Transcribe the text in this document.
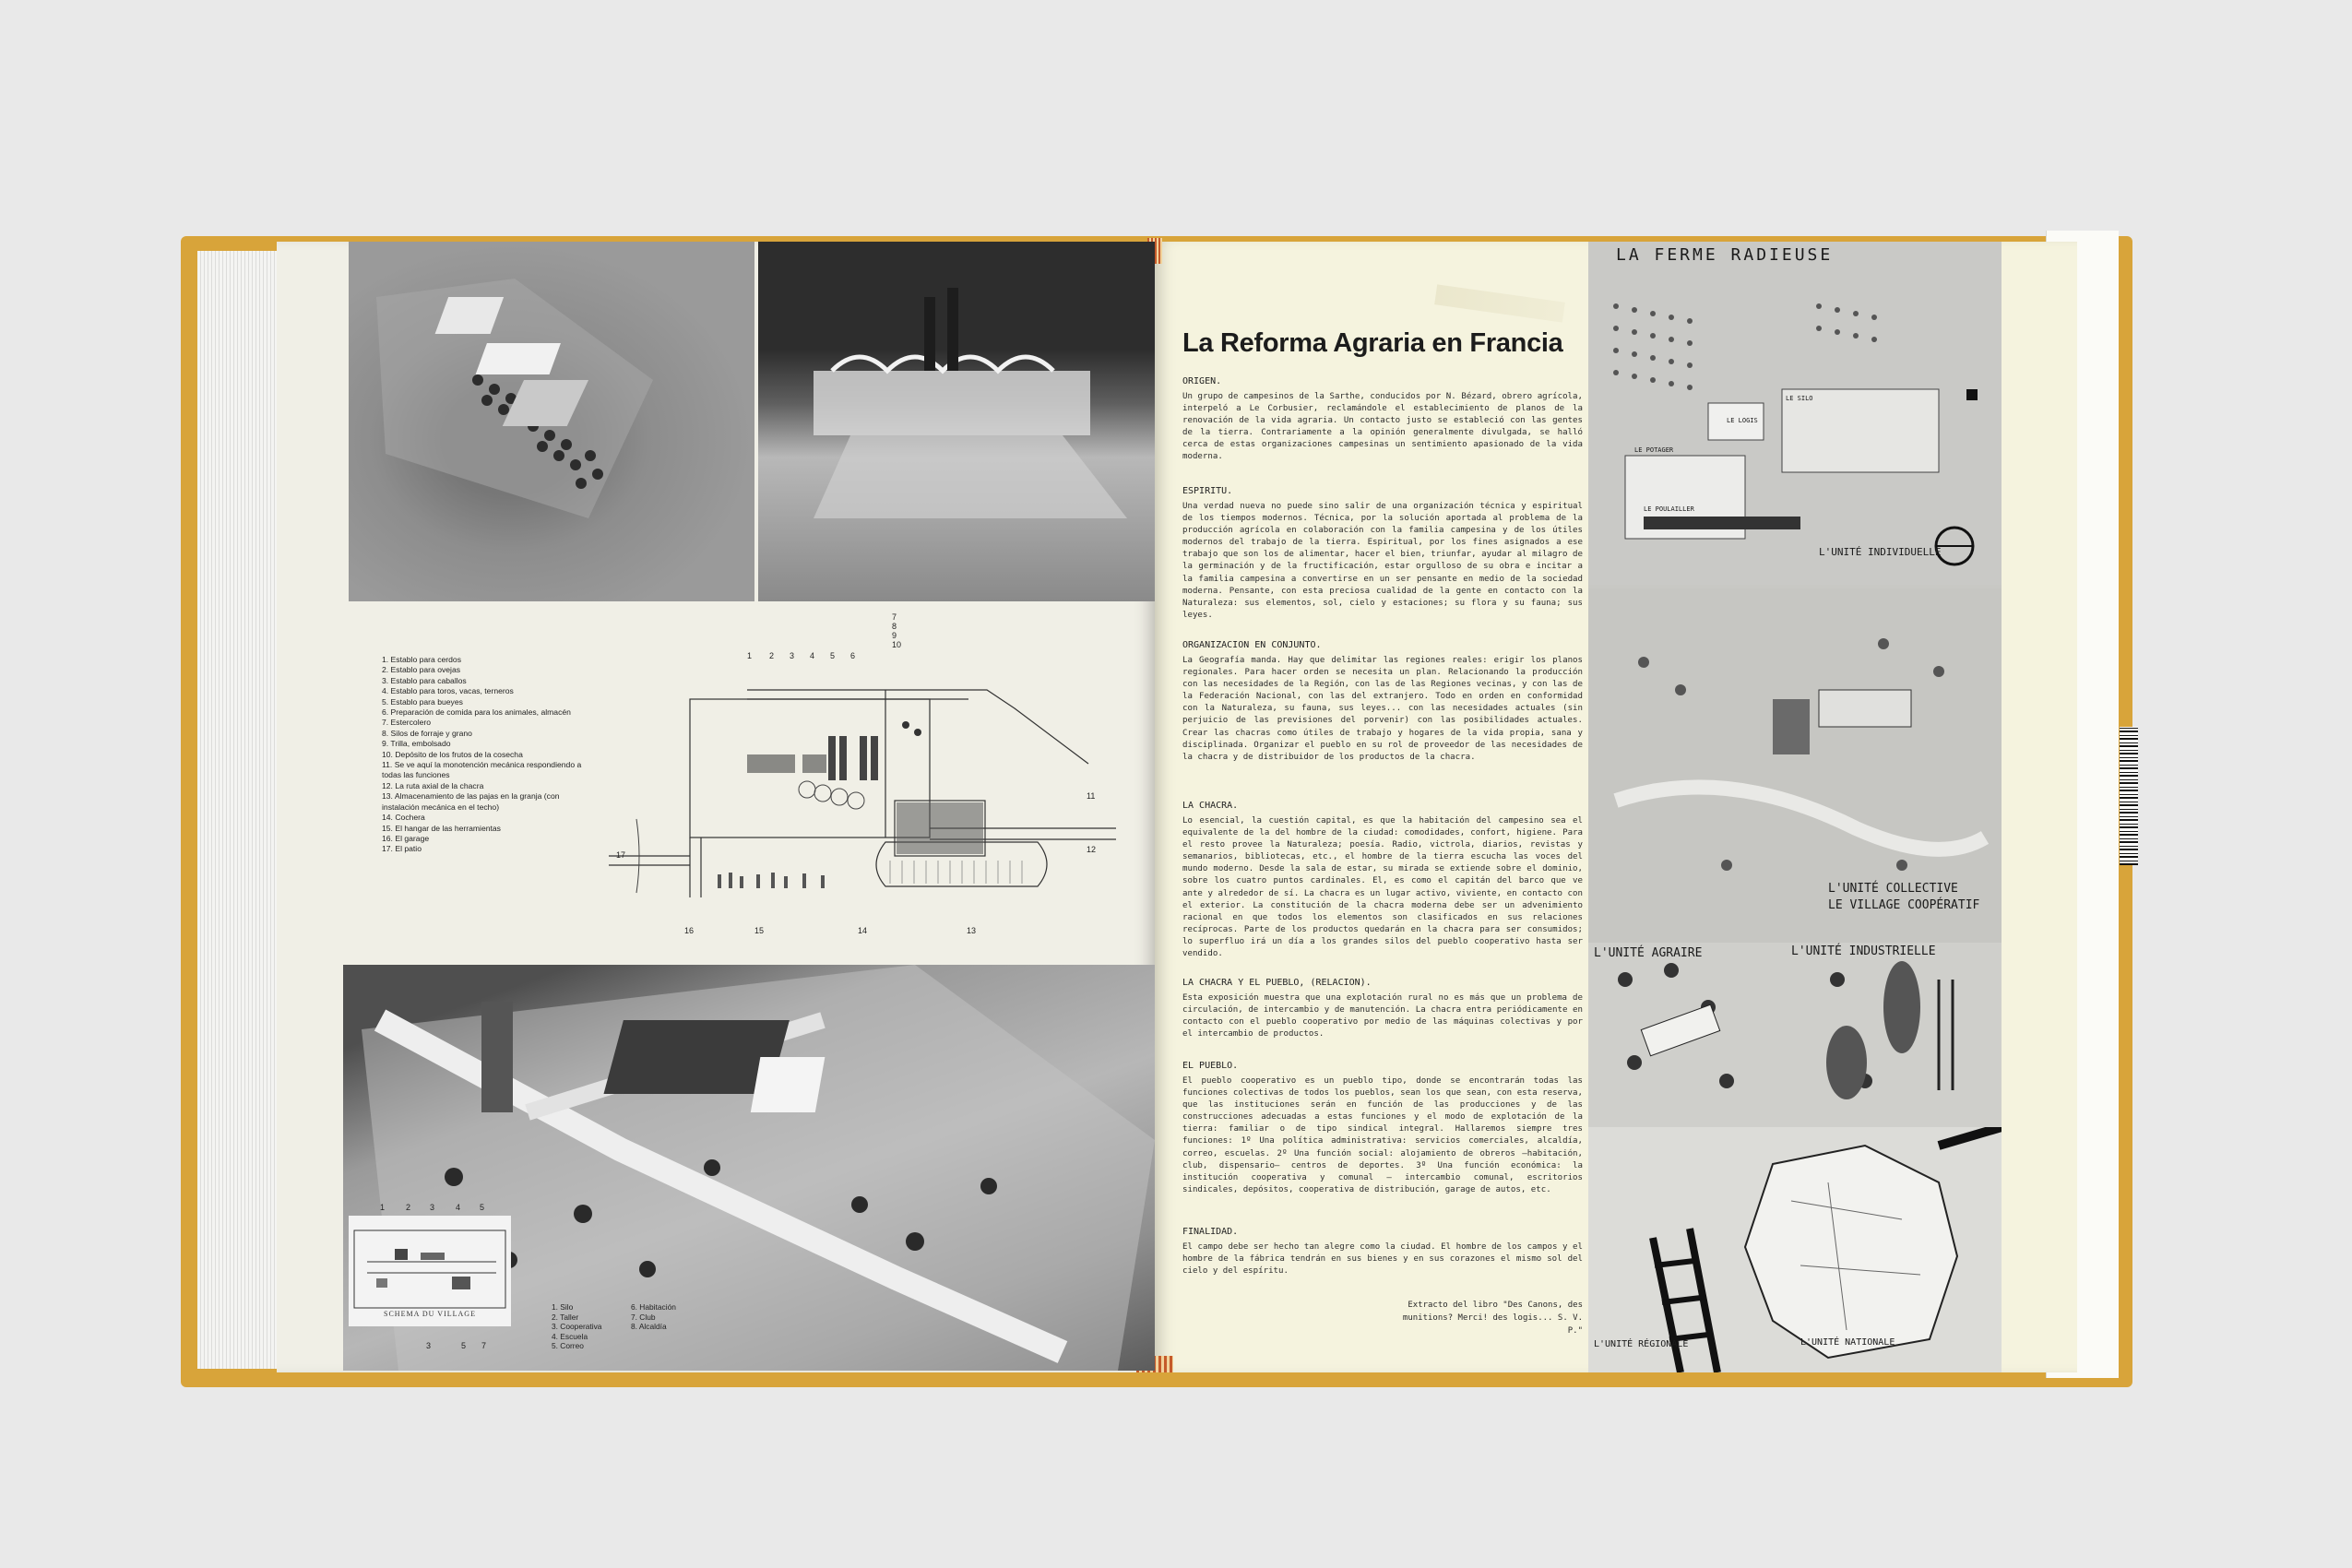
1. Establo para cerdos
2. Establo para ovejas
3. Establo para caballos
4. Establo para toros, vacas, terneros
5. Establo para bueyes
6. Preparación de comida para los animales, almacén
7. Estercolero
8. Silos de forraje y grano
9. Trilla, embolsado
10. Depósito de los frutos de la cosecha
11. Se ve aquí la monotención mecánica respondiendo a todas las funciones
12. La ruta axial de la chacra
13. Almacenamiento de las pajas en la granja (con instalación mecánica en el techo)
14. Cochera
15. El hangar de las herramientas
16. El garage
17. El patio
1 2 3 4 5 6
7
8
9
10
11
12
17
16	15	14	13
1	2 3	4 5
SCHEMA DU VILLAGE
3	5 7
1. Silo	6. Habitación
2. Taller	7. Club
3. Cooperativa	8. Alcaldía
4. Escuela
5. Correo
La Reforma Agraria en Francia
ORIGEN.

Un grupo de campesinos de la Sarthe, conducidos por N. Bézard, obrero agrícola, interpeló a Le Corbusier, reclamándole el establecimiento de planos de la renovación de la vida agraria. Un contacto justo se estableció con las gentes de la tierra. Contrariamente a la opinión generalmente divulgada, se halló cerca de estas organizaciones campesinas un sentimiento apasionado de la vida moderna.

ESPIRITU.

Una verdad nueva no puede sino salir de una organización técnica y espiritual de los tiempos modernos. Técnica, por la solución aportada al problema de la producción agrícola en colaboración con la familia campesina y de los útiles modernos del trabajo de la tierra. Espiritual, por los fines asignados a ese trabajo que son los de alimentar, hacer el bien, triunfar, ayudar al milagro de la germinación y de la fructificación, estar orgulloso de su obra e incitar a la familia campesina a convertirse en un ser pensante en medio de la sociedad moderna. Pensante, con esta preciosa cualidad de la gente en contacto con la Naturaleza: sus elementos, sol, cielo y estaciones; su flora y su fauna; sus leyes.

ORGANIZACION EN CONJUNTO.

La Geografía manda. Hay que delimitar las regiones reales: erigir los planos regionales. Para hacer orden se necesita un plan. Relacionando la producción con las necesidades de la Región, con las de las Regiones vecinas, y con las de la Federación Nacional, con las del extranjero. Todo en orden en conformidad con la Naturaleza, su fauna, sus leyes... con las necesidades actuales (sin perjuicio de las previsiones del porvenir) con las posibilidades actuales. Crear las chacras como útiles de trabajo y hogares de la vida propia, sana y disciplinada. Organizar el pueblo en su rol de proveedor de las necesidades de la chacra y de distribuidor de los productos de la chacra.

LA CHACRA.

Lo esencial, la cuestión capital, es que la habitación del campesino sea el equivalente de la del hombre de la ciudad: comodidades, confort, higiene. Para el resto provee la Naturaleza; poesía. Radio, victrola, diarios, revistas y semanarios, bibliotecas, etc., el hombre de la tierra escucha las voces del mundo moderno. Desde la sala de estar, su mirada se extiende sobre el dominio, sobre los cuatro puntos cardinales. El, es como el capitán del barco que ve ante y alrededor de sí. La chacra es un lugar activo, viviente, en contacto con el exterior. La constitución de la chacra moderna debe ser un advenimiento racional en que todos los elementos son clasificados en sus relaciones recíprocas. Parte de los productos quedarán en la chacra para ser consumidos; lo superfluo irá un día a los grandes silos del pueblo cooperativo hasta ser vendido.

LA CHACRA Y EL PUEBLO, (RELACION).

Esta exposición muestra que una explotación rural no es más que un problema de circulación, de intercambio y de manutención. La chacra entra periódicamente en contacto con el pueblo cooperativo por medio de las máquinas colectivas y por el intercambio de productos.

EL PUEBLO.

El pueblo cooperativo es un pueblo tipo, donde se encontrarán todas las funciones colectivas de todos los pueblos, sean los que sean, con esta reserva, que las instituciones serán en función de las producciones y de las construcciones adecuadas a estas funciones y el modo de explotación de la tierra: familiar o de tipo sindical integral. Hallaremos siempre tres funciones: 1º Una política administrativa: servicios comerciales, alcaldía, correo, escuelas. 2º Una función social: alojamiento de obreros —habitación, club, dispensario— centros de deportes. 3º Una función económica: la institución cooperativa y comunal — intercambio comunal, escritorios sindicales, depósitos, cooperativa de distribución, garage de autos, etc.

FINALIDAD.

El campo debe ser hecho tan alegre como la ciudad. El hombre de los campos y el hombre de la fábrica tendrán en sus bienes y en sus corazones el mismo sol del cielo y del espíritu.

Extracto del libro "Des Canons, des munitions? Merci! des logis... S. V. P."
LA FERME RADIEUSE
LE LOGIS
LE POTAGER
LE POULAILLER
LE SILO
L'UNITÉ INDIVIDUELLE
L'UNITÉ COLLECTIVE
LE VILLAGE COOPÉRATIF
L'UNITÉ AGRAIRE	L'UNITÉ INDUSTRIELLE
L'UNITÉ RÉGIONALE	L'UNITÉ NATIONALE
